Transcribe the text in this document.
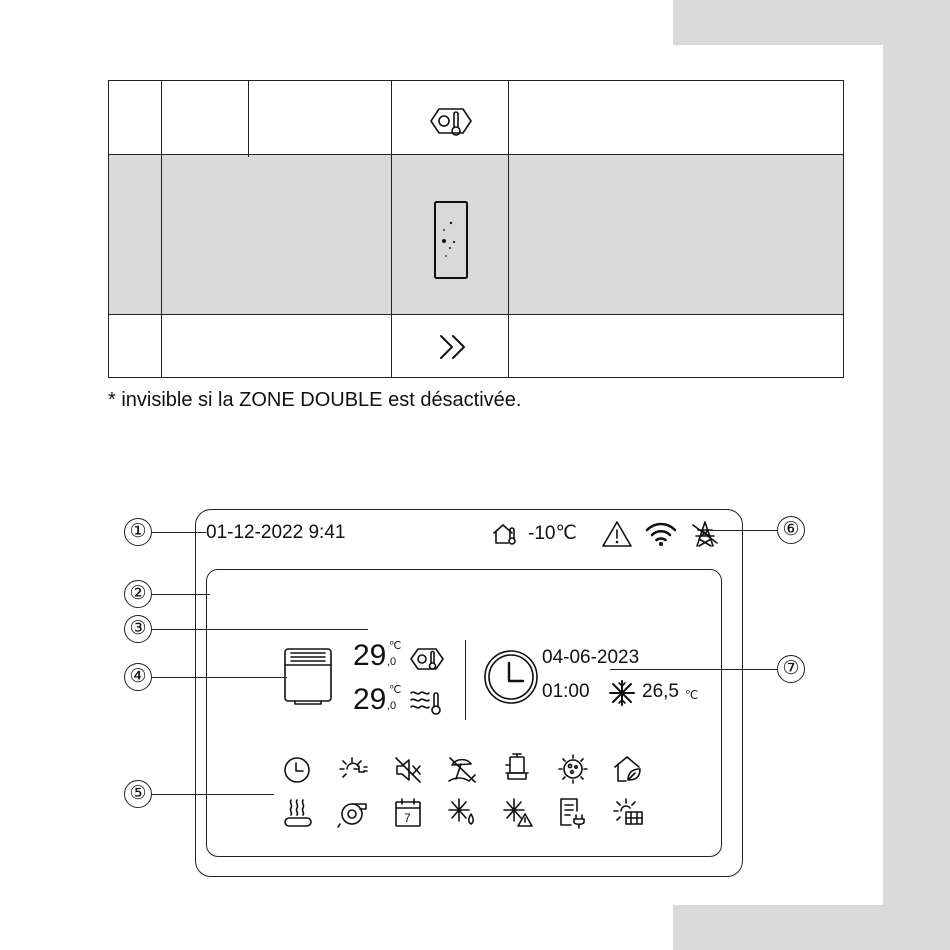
* invisible si la ZONE DOUBLE est désactivée.
01-12-2022 9:41	-10℃
29 ℃
,0
29 ℃
,0
04-06-2023
01:00	26,5 ℃
7
①
②
③
④
⑤
⑥
⑦
